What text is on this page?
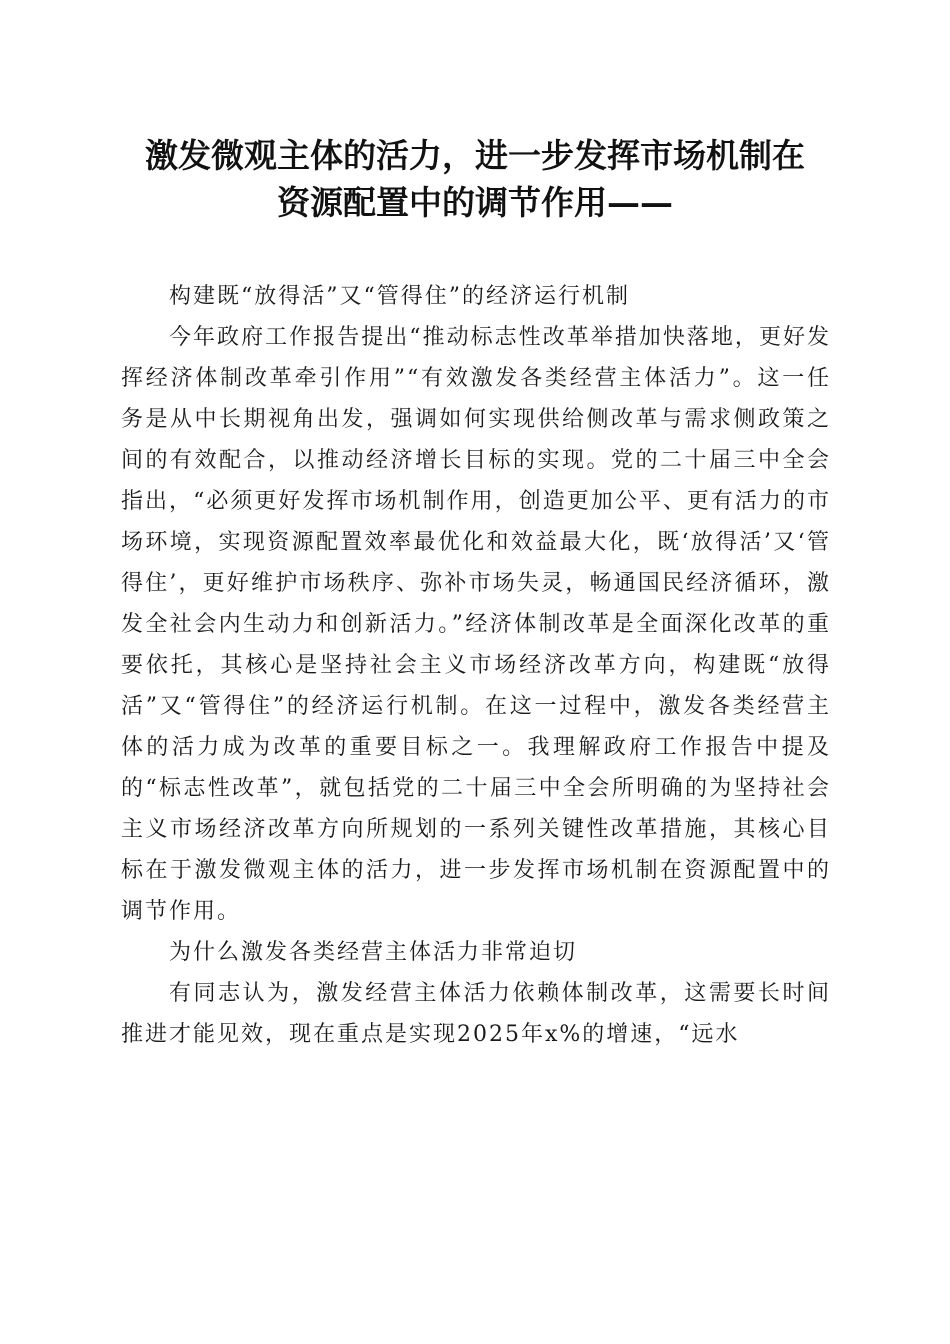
激发微观主体的活力，进一步发挥市场机制在
资源配置中的调节作用——

构建既“放得活”又“管得住”的经济运行机制

今年政府工作报告提出“推动标志性改革举措加快落地，更好发挥经济体制改革牵引作用”“有效激发各类经营主体活力”。这一任务是从中长期视角出发，强调如何实现供给侧改革与需求侧政策之间的有效配合，以推动经济增长目标的实现。党的二十届三中全会指出，“必须更好发挥市场机制作用，创造更加公平、更有活力的市场环境，实现资源配置效率最优化和效益最大化，既‘放得活’又‘管得住’，更好维护市场秩序、弥补市场失灵，畅通国民经济循环，激发全社会内生动力和创新活力。”经济体制改革是全面深化改革的重要依托，其核心是坚持社会主义市场经济改革方向，构建既“放得活”又“管得住”的经济运行机制。在这一过程中，激发各类经营主体的活力成为改革的重要目标之一。我理解政府工作报告中提及的“标志性改革”，就包括党的二十届三中全会所明确的为坚持社会主义市场经济改革方向所规划的一系列关键性改革措施，其核心目标在于激发微观主体的活力，进一步发挥市场机制在资源配置中的调节作用。

为什么激发各类经营主体活力非常迫切

有同志认为，激发经营主体活力依赖体制改革，这需要长时间推进才能见效，现在重点是实现2025年x%的增速，“远水
